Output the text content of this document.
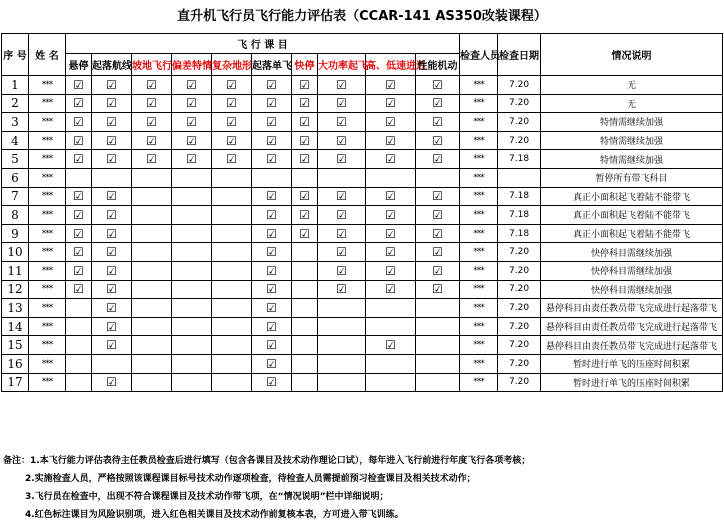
直升机飞行员飞行能力评估表（CCAR-141 AS350改装课程）
序 号	姓 名	飞 行 课 目										检查人员	检查日期	情况说明
		悬停	起落航线	坡地飞行	偏差特情	复杂地形	起落单飞	快停	大功率起飞	高、低速进近	性能机动			
1	***	☑	☑	☑	☑	☑	☑	☑	☑	☑	☑	***	7.20	无
2	***	☑	☑	☑	☑	☑	☑	☑	☑	☑	☑	***	7.20	无
3	***	☑	☑	☑	☑	☑	☑	☑	☑	☑	☑	***	7.20	特情需继续加强
4	***	☑	☑	☑	☑	☑	☑	☑	☑	☑	☑	***	7.20	特情需继续加强
5	***	☑	☑	☑	☑	☑	☑	☑	☑	☑	☑	***	7.18	特情需继续加强
6	***											***		暂停所有带飞科目
7	***	☑	☑				☑	☑	☑	☑	☑	***	7.18	真正小面积起飞着陆不能带飞
8	***	☑	☑				☑	☑	☑	☑	☑	***	7.18	真正小面积起飞着陆不能带飞
9	***	☑	☑				☑	☑	☑	☑	☑	***	7.18	真正小面积起飞着陆不能带飞
10	***	☑	☑				☑		☑	☑	☑	***	7.20	快停科目需继续加强
11	***	☑	☑				☑		☑	☑	☑	***	7.20	快停科目需继续加强
12	***	☑	☑				☑		☑	☑	☑	***	7.20	快停科目需继续加强
13	***		☑				☑					***	7.20	悬停科目由责任教员带飞完成进行起落带飞
14	***		☑				☑					***	7.20	悬停科目由责任教员带飞完成进行起落带飞
15	***		☑				☑			☑		***	7.20	悬停科目由责任教员带飞完成进行起落带飞
16	***						☑					***	7.20	暂时进行单飞的压座时间积累
17	***		☑				☑					***	7.20	暂时进行单飞的压座时间积累
备注：1.本飞行能力评估表待主任教员检查后进行填写（包含各课目及技术动作理论口试），每年进入飞行前进行年度飞行各项考核；
2.实施检查人员，严格按照该课程课目标号技术动作逐项检查，待检查人员需提前预习检查课目及相关技术动作；
3.飞行员在检查中，出现不符合课程课目及技术动作带飞项，在“情况说明”栏中详细说明；
4.红色标注课目为风险识别项，进入红色相关课目及技术动作前复核本表，方可进入带飞训练。
